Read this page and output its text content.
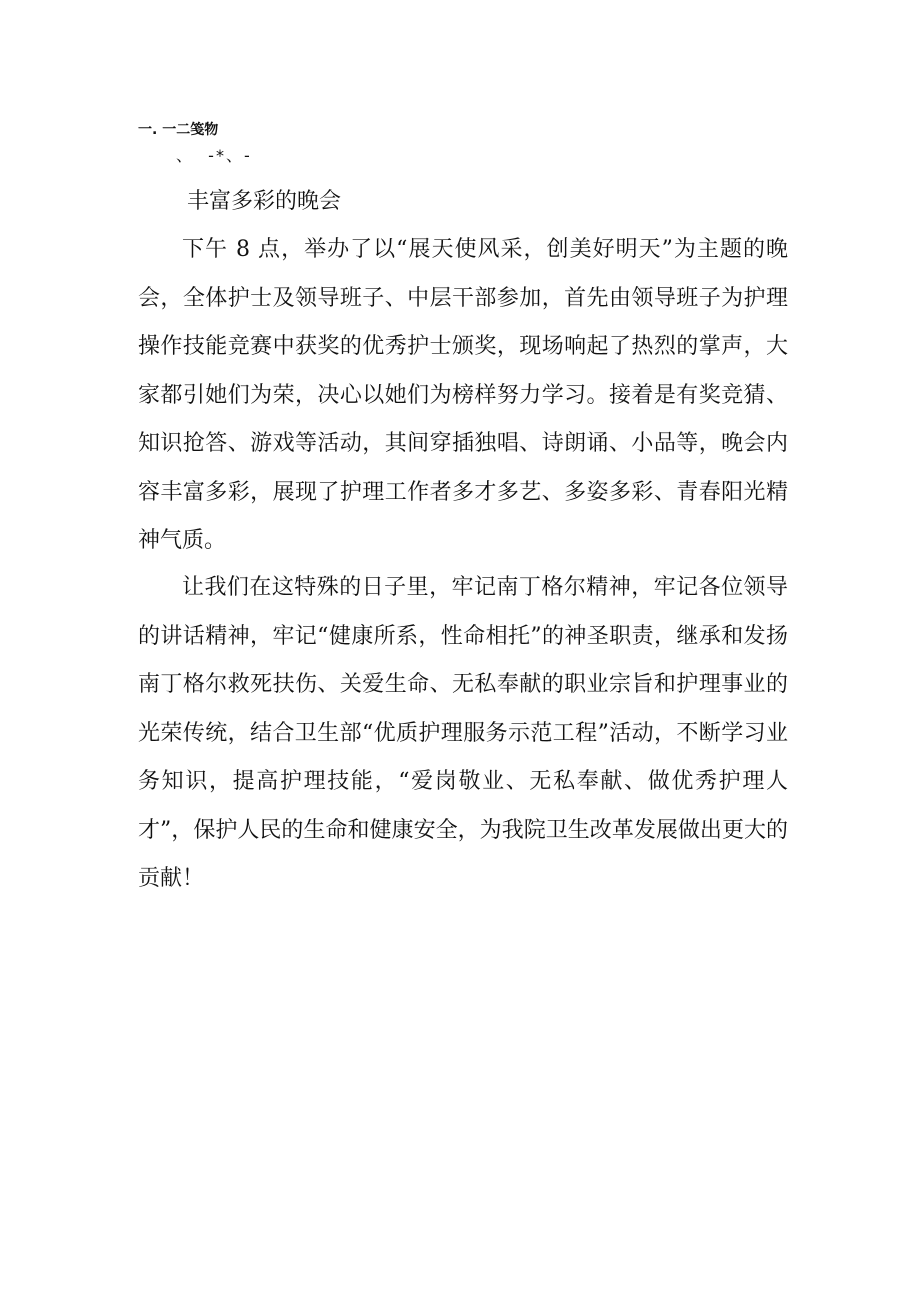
一. 一二笺物
、  -*、-
丰富多彩的晚会

下午 8 点，举办了以“展天使风采，创美好明天”为主题的晚会，全体护士及领导班子、中层干部参加，首先由领导班子为护理操作技能竞赛中获奖的优秀护士颁奖，现场响起了热烈的掌声，大家都引她们为荣，决心以她们为榜样努力学习。接着是有奖竞猜、知识抢答、游戏等活动，其间穿插独唱、诗朗诵、小品等，晚会内容丰富多彩，展现了护理工作者多才多艺、多姿多彩、青春阳光精神气质。

让我们在这特殊的日子里，牢记南丁格尔精神，牢记各位领导的讲话精神，牢记“健康所系，性命相托”的神圣职责，继承和发扬南丁格尔救死扶伤、关爱生命、无私奉献的职业宗旨和护理事业的光荣传统，结合卫生部“优质护理服务示范工程”活动，不断学习业务知识，提高护理技能，“爱岗敬业、无私奉献、做优秀护理人才”，保护人民的生命和健康安全，为我院卫生改革发展做出更大的贡献！
